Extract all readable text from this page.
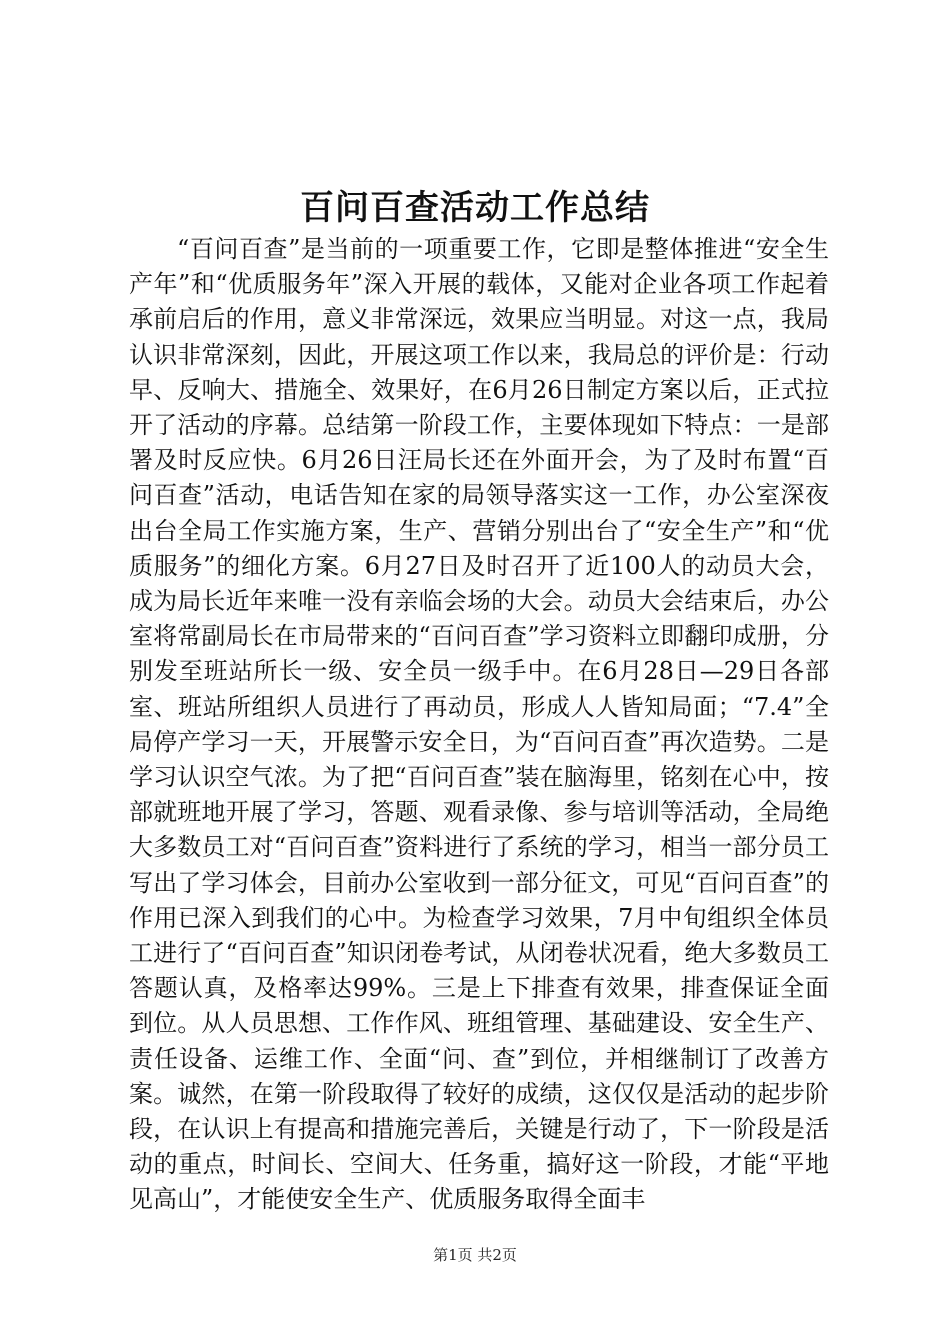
百问百查活动工作总结

“百问百查”是当前的一项重要工作，它即是整体推进“安全生产年”和“优质服务年”深入开展的载体，又能对企业各项工作起着承前启后的作用，意义非常深远，效果应当明显。对这一点，我局认识非常深刻，因此，开展这项工作以来，我局总的评价是：行动早、反响大、措施全、效果好，在6月26日制定方案以后，正式拉开了活动的序幕。总结第一阶段工作，主要体现如下特点：一是部署及时反应快。6月26日汪局长还在外面开会，为了及时布置“百问百查”活动，电话告知在家的局领导落实这一工作，办公室深夜出台全局工作实施方案，生产、营销分别出台了“安全生产”和“优质服务”的细化方案。6月27日及时召开了近100人的动员大会，成为局长近年来唯一没有亲临会场的大会。动员大会结束后，办公室将常副局长在市局带来的“百问百查”学习资料立即翻印成册，分别发至班站所长一级、安全员一级手中。在6月28日—29日各部室、班站所组织人员进行了再动员，形成人人皆知局面；“7.4”全局停产学习一天，开展警示安全日，为“百问百查”再次造势。二是学习认识空气浓。为了把“百问百查”装在脑海里，铭刻在心中，按部就班地开展了学习，答题、观看录像、参与培训等活动，全局绝大多数员工对“百问百查”资料进行了系统的学习，相当一部分员工写出了学习体会，目前办公室收到一部分征文，可见“百问百查”的作用已深入到我们的心中。为检查学习效果，7月中旬组织全体员工进行了“百问百查”知识闭卷考试，从闭卷状况看，绝大多数员工答题认真，及格率达99%。三是上下排查有效果，排查保证全面到位。从人员思想、工作作风、班组管理、基础建设、安全生产、责任设备、运维工作、全面“问、查”到位，并相继制订了改善方案。诚然，在第一阶段取得了较好的成绩，这仅仅是活动的起步阶段，在认识上有提高和措施完善后，关键是行动了，下一阶段是活动的重点，时间长、空间大、任务重，搞好这一阶段，才能“平地见高山”，才能使安全生产、优质服务取得全面丰

第1页 共2页
